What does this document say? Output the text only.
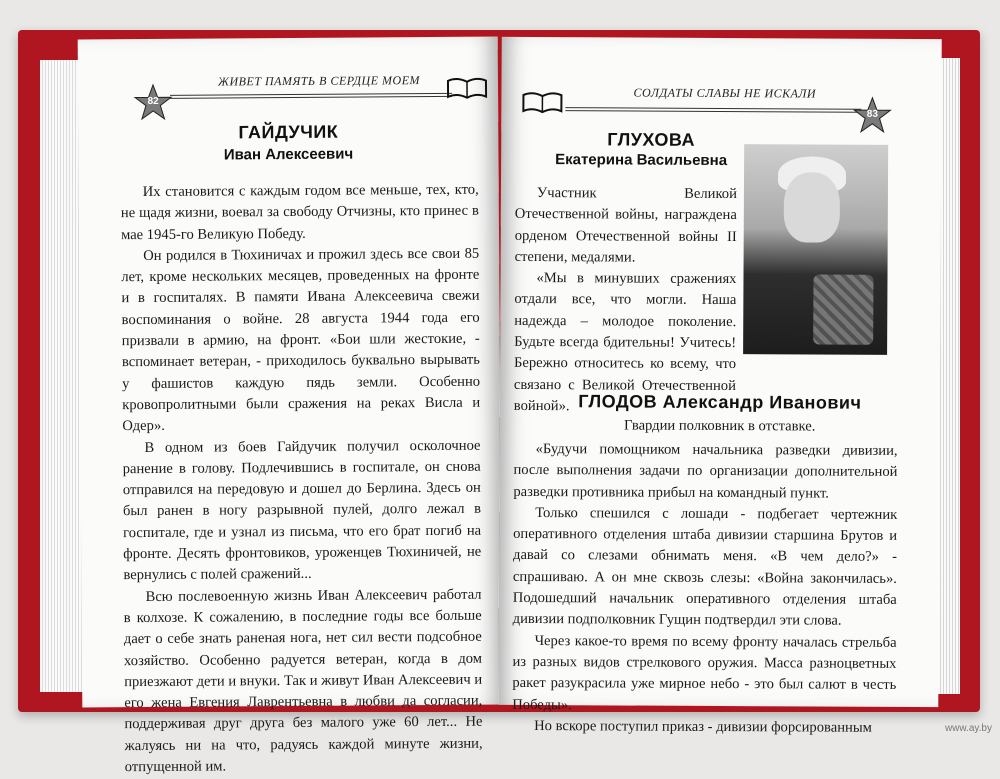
82
ЖИВЕТ ПАМЯТЬ В СЕРДЦЕ МОЕМ
ГАЙДУЧИК
Иван Алексеевич

Их становится с каждым годом все меньше, тех, кто, не щадя жизни, воевал за свободу Отчизны, кто принес в мае 1945-го Великую Победу.

Он родился в Тюхиничах и прожил здесь все свои 85 лет, кроме нескольких месяцев, проведенных на фронте и в госпиталях. В памяти Ивана Алексеевича свежи воспоминания о войне. 28 августа 1944 года его призвали в армию, на фронт. «Бои шли жестокие, - вспоминает ветеран, - приходилось буквально вырывать у фашистов каждую пядь земли. Особенно кровопролитными были сражения на реках Висла и Одер».

В одном из боев Гайдучик получил осколочное ранение в голову. Подлечившись в госпитале, он снова отправился на передовую и дошел до Берлина. Здесь он был ранен в ногу разрывной пулей, долго лежал в госпитале, где и узнал из письма, что его брат погиб на фронте. Десять фронтовиков, уроженцев Тюхиничей, не вернулись с полей сражений...

Всю послевоенную жизнь Иван Алексеевич работал в колхозе. К сожалению, в последние годы все больше дает о себе знать раненая нога, нет сил вести подсобное хозяйство. Особенно радуется ветеран, когда в дом приезжают дети и внуки. Так и живут Иван Алексеевич и его жена Евгения Лаврентьевна в любви да согласии, поддерживая друг друга без малого уже 60 лет... Не жалуясь ни на что, радуясь каждой минуте жизни, отпущенной им.

СОЛДАТЫ СЛАВЫ НЕ ИСКАЛИ
83
ГЛУХОВА
Екатерина Васильевна

Участник Великой Отечественной войны, награждена орденом Отечественной войны II степени, медалями.

«Мы в минувших сражениях отдали все, что могли. Наша надежда – молодое поколение. Будьте всегда бдительны! Учитесь! Бережно относитесь ко всему, что связано с Великой Отечественной войной». ГЛОДОВ Александр Иванович
Гвардии полковник в отставке.

«Будучи помощником начальника разведки дивизии, после выполнения задачи по организации дополнительной разведки противника прибыл на командный пункт.

Только спешился с лошади - подбегает чертежник оперативного отделения штаба дивизии старшина Брутов и давай со слезами обнимать меня. «В чем дело?» - спрашиваю. А он мне сквозь слезы: «Война закончилась». Подошедший начальник оперативного отделения штаба дивизии подполковник Гущин подтвердил эти слова.

Через какое-то время по всему фронту началась стрельба из разных видов стрелкового оружия. Масса разноцветных ракет разукрасила уже мирное небо - это был салют в честь Победы».

Но вскоре поступил приказ - дивизии форсированным	www.ay.by
